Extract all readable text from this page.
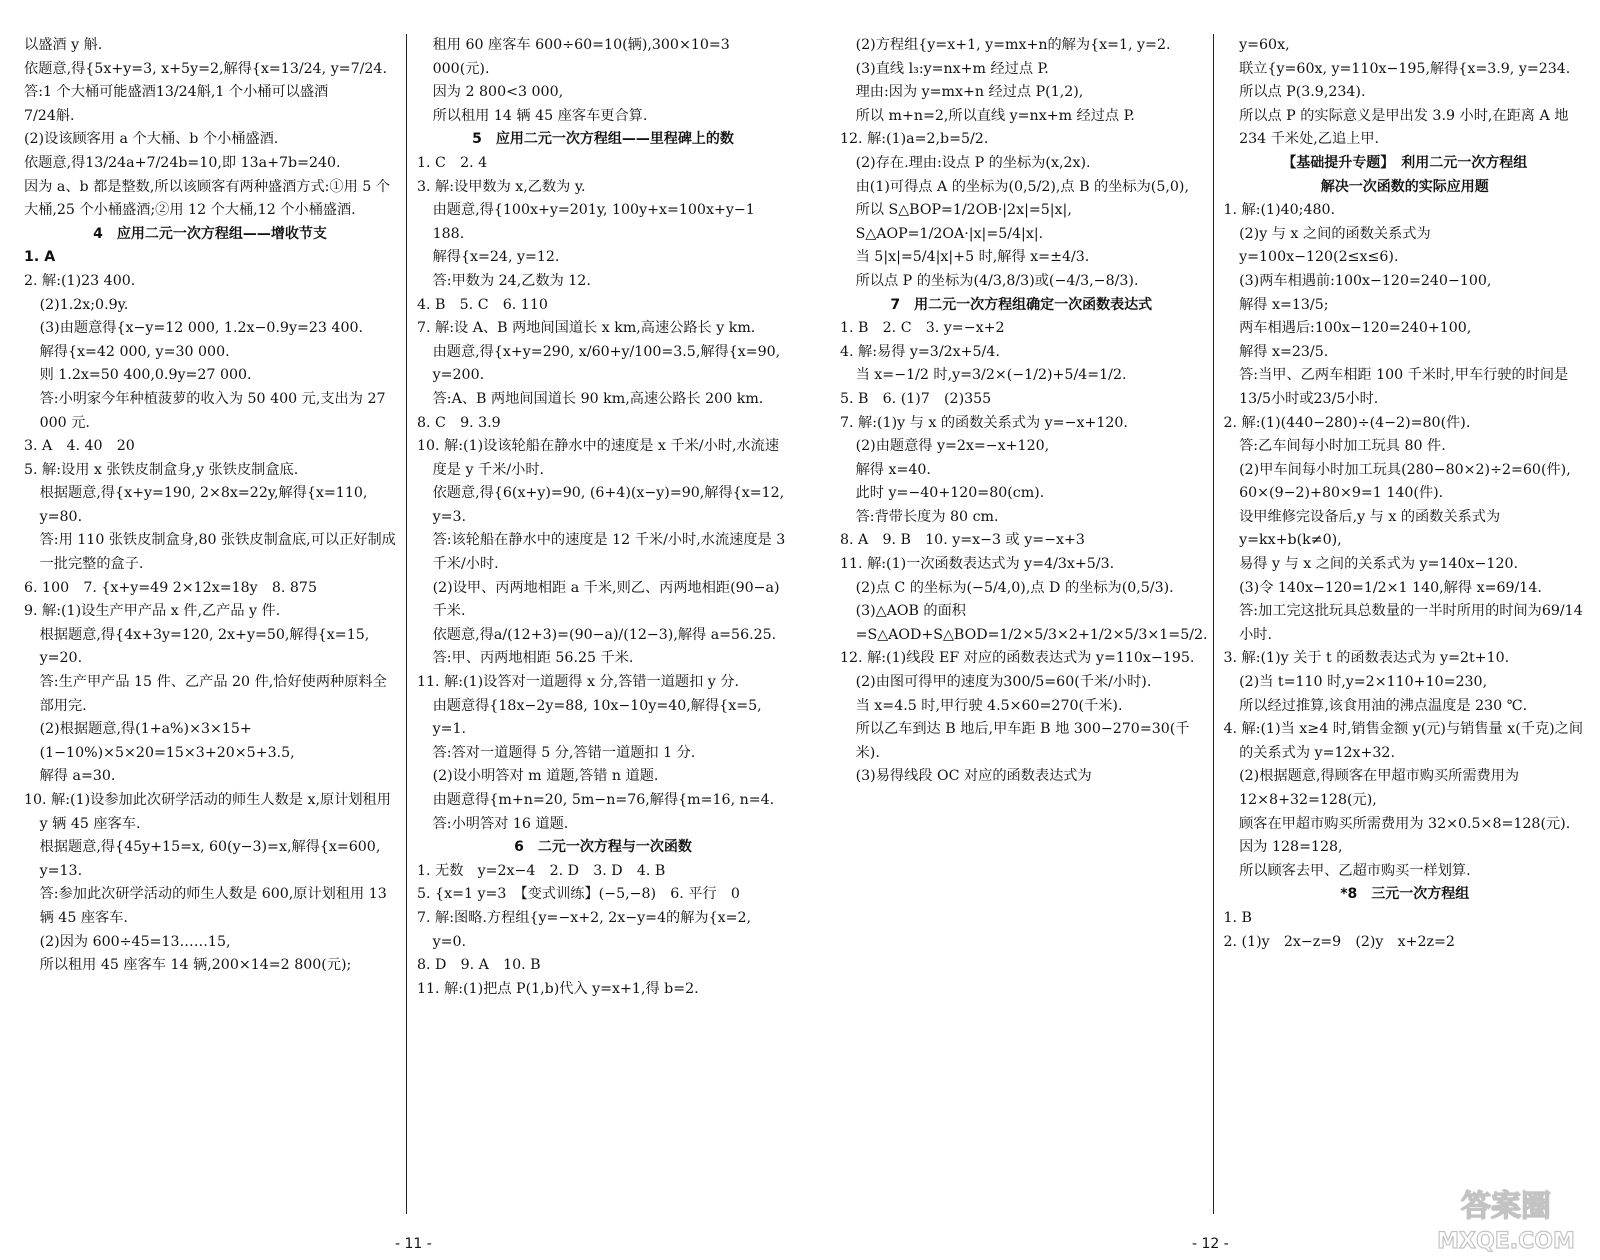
以盛酒 y 斛.

依题意,得{5x+y=3, x+5y=2,解得{x=13/24, y=7/24.

答:1 个大桶可能盛酒13/24斛,1 个小桶可以盛酒

7/24斛.

(2)设该顾客用 a 个大桶、b 个小桶盛酒.

依题意,得13/24a+7/24b=10,即 13a+7b=240.

因为 a、b 都是整数,所以该顾客有两种盛酒方式:①用 5 个大桶,25 个小桶盛酒;②用 12 个大桶,12 个小桶盛酒.

4　应用二元一次方程组——增收节支

1. A

2. 解:(1)23 400.

(2)1.2x;0.9y.

(3)由题意得{x−y=12 000, 1.2x−0.9y=23 400.

解得{x=42 000, y=30 000.

则 1.2x=50 400,0.9y=27 000.

答:小明家今年种植菠萝的收入为 50 400 元,支出为 27 000 元.

3. A　4. 40　20

5. 解:设用 x 张铁皮制盒身,y 张铁皮制盒底.

根据题意,得{x+y=190, 2×8x=22y,解得{x=110, y=80.

答:用 110 张铁皮制盒身,80 张铁皮制盒底,可以正好制成一批完整的盒子.

6. 100　7. {x+y=49 2×12x=18y　8. 875

9. 解:(1)设生产甲产品 x 件,乙产品 y 件.

根据题意,得{4x+3y=120, 2x+y=50,解得{x=15, y=20.

答:生产甲产品 15 件、乙产品 20 件,恰好使两种原料全部用完.

(2)根据题意,得(1+a%)×3×15+(1−10%)×5×20=15×3+20×5+3.5,

解得 a=30.

10. 解:(1)设参加此次研学活动的师生人数是 x,原计划租用 y 辆 45 座客车.

根据题意,得{45y+15=x, 60(y−3)=x,解得{x=600, y=13.

答:参加此次研学活动的师生人数是 600,原计划租用 13 辆 45 座客车.

(2)因为 600÷45=13……15,

所以租用 45 座客车 14 辆,200×14=2 800(元);

租用 60 座客车 600÷60=10(辆),300×10=3 000(元).

因为 2 800<3 000,

所以租用 14 辆 45 座客车更合算.

5　应用二元一次方程组——里程碑上的数

1. C　2. 4

3. 解:设甲数为 x,乙数为 y.

由题意,得{100x+y=201y, 100y+x=100x+y−1 188.

解得{x=24, y=12.

答:甲数为 24,乙数为 12.

4. B　5. C　6. 110

7. 解:设 A、B 两地间国道长 x km,高速公路长 y km.

由题意,得{x+y=290, x/60+y/100=3.5,解得{x=90, y=200.

答:A、B 两地间国道长 90 km,高速公路长 200 km.

8. C　9. 3.9

10. 解:(1)设该轮船在静水中的速度是 x 千米/小时,水流速度是 y 千米/小时.

依题意,得{6(x+y)=90, (6+4)(x−y)=90,解得{x=12, y=3.

答:该轮船在静水中的速度是 12 千米/小时,水流速度是 3 千米/小时.

(2)设甲、丙两地相距 a 千米,则乙、丙两地相距(90−a)千米.

依题意,得a/(12+3)=(90−a)/(12−3),解得 a=56.25.

答:甲、丙两地相距 56.25 千米.

11. 解:(1)设答对一道题得 x 分,答错一道题扣 y 分.

由题意得{18x−2y=88, 10x−10y=40,解得{x=5, y=1.

答:答对一道题得 5 分,答错一道题扣 1 分.

(2)设小明答对 m 道题,答错 n 道题.

由题意得{m+n=20, 5m−n=76,解得{m=16, n=4.

答:小明答对 16 道题.

6　二元一次方程与一次函数

1. 无数　y=2x−4　2. D　3. D　4. B

5. {x=1 y=3　【变式训练】(−5,−8)　6. 平行　0

7. 解:图略.方程组{y=−x+2, 2x−y=4的解为{x=2, y=0.

8. D　9. A　10. B

11. 解:(1)把点 P(1,b)代入 y=x+1,得 b=2.

(2)方程组{y=x+1, y=mx+n的解为{x=1, y=2.

(3)直线 l₃:y=nx+m 经过点 P.

理由:因为 y=mx+n 经过点 P(1,2),

所以 m+n=2,所以直线 y=nx+m 经过点 P.

12. 解:(1)a=2,b=5/2.

(2)存在.理由:设点 P 的坐标为(x,2x).

由(1)可得点 A 的坐标为(0,5/2),点 B 的坐标为(5,0),所以 S△BOP=1/2OB·|2x|=5|x|,

S△AOP=1/2OA·|x|=5/4|x|.

当 5|x|=5/4|x|+5 时,解得 x=±4/3.

所以点 P 的坐标为(4/3,8/3)或(−4/3,−8/3).

7　用二元一次方程组确定一次函数表达式

1. B　2. C　3. y=−x+2

4. 解:易得 y=3/2x+5/4.

当 x=−1/2 时,y=3/2×(−1/2)+5/4=1/2.

5. B　6. (1)7　(2)355

7. 解:(1)y 与 x 的函数关系式为 y=−x+120.

(2)由题意得 y=2x=−x+120,

解得 x=40.

此时 y=−40+120=80(cm).

答:背带长度为 80 cm.

8. A　9. B　10. y=x−3 或 y=−x+3

11. 解:(1)一次函数表达式为 y=4/3x+5/3.

(2)点 C 的坐标为(−5/4,0),点 D 的坐标为(0,5/3).

(3)△AOB 的面积=S△AOD+S△BOD=1/2×5/3×2+1/2×5/3×1=5/2.

12. 解:(1)线段 EF 对应的函数表达式为 y=110x−195.

(2)由图可得甲的速度为300/5=60(千米/小时).

当 x=4.5 时,甲行驶 4.5×60=270(千米).

所以乙车到达 B 地后,甲车距 B 地 300−270=30(千米).

(3)易得线段 OC 对应的函数表达式为

y=60x,

联立{y=60x, y=110x−195,解得{x=3.9, y=234.

所以点 P(3.9,234).

所以点 P 的实际意义是甲出发 3.9 小时,在距离 A 地 234 千米处,乙追上甲.

【基础提升专题】　利用二元一次方程组

解决一次函数的实际应用题

1. 解:(1)40;480.

(2)y 与 x 之间的函数关系式为 y=100x−120(2≤x≤6).

(3)两车相遇前:100x−120=240−100,

解得 x=13/5;

两车相遇后:100x−120=240+100,

解得 x=23/5.

答:当甲、乙两车相距 100 千米时,甲车行驶的时间是13/5小时或23/5小时.

2. 解:(1)(440−280)÷(4−2)=80(件).

答:乙车间每小时加工玩具 80 件.

(2)甲车间每小时加工玩具(280−80×2)÷2=60(件),

60×(9−2)+80×9=1 140(件).

设甲维修完设备后,y 与 x 的函数关系式为 y=kx+b(k≠0),

易得 y 与 x 之间的关系式为 y=140x−120.

(3)令 140x−120=1/2×1 140,解得 x=69/14.

答:加工完这批玩具总数量的一半时所用的时间为69/14小时.

3. 解:(1)y 关于 t 的函数表达式为 y=2t+10.

(2)当 t=110 时,y=2×110+10=230,

所以经过推算,该食用油的沸点温度是 230 ℃.

4. 解:(1)当 x≥4 时,销售金额 y(元)与销售量 x(千克)之间的关系式为 y=12x+32.

(2)根据题意,得顾客在甲超市购买所需费用为 12×8+32=128(元),

顾客在甲超市购买所需费用为 32×0.5×8=128(元).

因为 128=128,

所以顾客去甲、乙超市购买一样划算.

*8　三元一次方程组

1. B

2. (1)y　2x−z=9　(2)y　x+2z=2

- 11 -	- 12 -
答案圈
MXQE.COM
